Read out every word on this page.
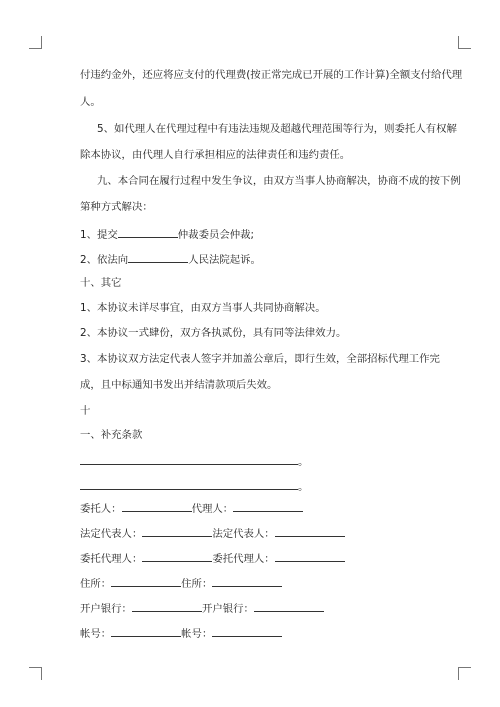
付违约金外，还应将应支付的代理费(按正常完成已开展的工作计算)全额支付给代理
人。
5、如代理人在代理过程中有违法违规及超越代理范围等行为，则委托人有权解
除本协议，由代理人自行承担相应的法律责任和违约责任。
九、本合同在履行过程中发生争议，由双方当事人协商解决，协商不成的按下例
第种方式解决：
1、提交	仲裁委员会仲裁;
2、依法向	人民法院起诉。
十、其它
1、本协议未详尽事宜，由双方当事人共同协商解决。
2、本协议一式肆份，双方各执贰份，具有同等法律效力。
3、本协议双方法定代表人签字并加盖公章后，即行生效，全部招标代理工作完
成，且中标通知书发出并结清款项后失效。
十
一、补充条款
。
。
委托人：	代理人：
法定代表人：	法定代表人：
委托代理人：	委托代理人：
住所：	住所：
开户银行：	开户银行：
帐号：	帐号：
